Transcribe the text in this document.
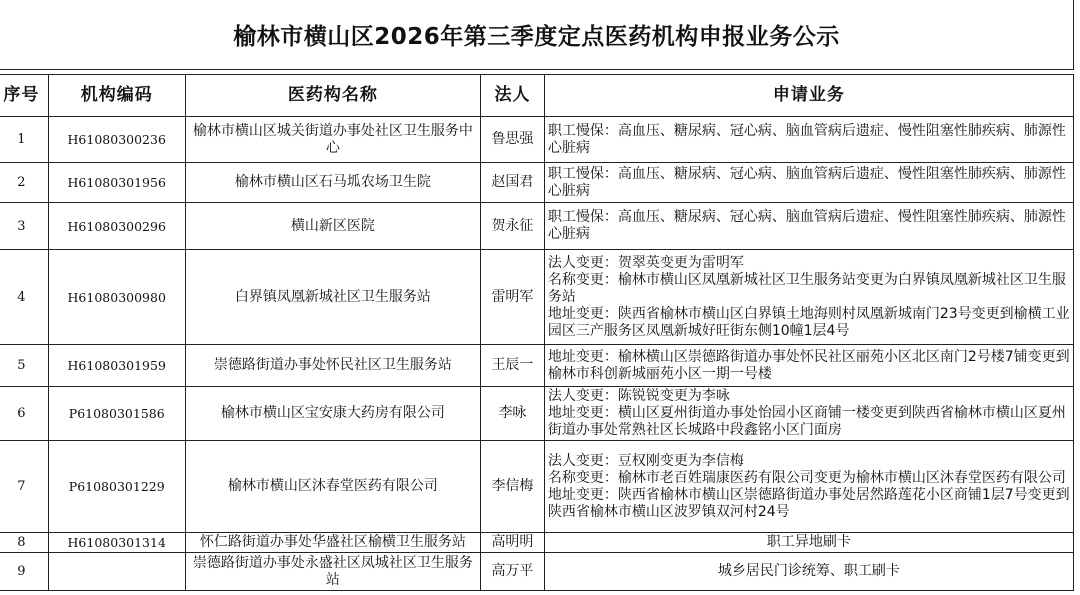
榆林市横山区2026年第三季度定点医药机构申报业务公示
序号	机构编码	医药构名称	法人	申请业务
1	H61080300236	榆林市横山区城关街道办事处社区卫生服务中心	鲁思强	职工慢保：高血压、糖尿病、冠心病、脑血管病后遗症、慢性阻塞性肺疾病、肺源性心脏病
2	H61080301956	榆林市横山区石马坬农场卫生院	赵国君	职工慢保：高血压、糖尿病、冠心病、脑血管病后遗症、慢性阻塞性肺疾病、肺源性心脏病
3	H61080300296	横山新区医院	贺永征	职工慢保：高血压、糖尿病、冠心病、脑血管病后遗症、慢性阻塞性肺疾病、肺源性心脏病
4	H61080300980	白界镇凤凰新城社区卫生服务站	雷明军	法人变更：贺翠英变更为雷明军
名称变更：榆林市横山区凤凰新城社区卫生服务站变更为白界镇凤凰新城社区卫生服务站
地址变更：陕西省榆林市横山区白界镇土地海则村凤凰新城南门23号变更到榆横工业园区三产服务区凤凰新城好旺街东侧10幢1层4号

5	H61080301959	崇德路街道办事处怀民社区卫生服务站	王辰一	地址变更：榆林横山区崇德路街道办事处怀民社区丽苑小区北区南门2号楼7铺变更到榆林市科创新城丽苑小区一期一号楼
6	P61080301586	榆林市横山区宝安康大药房有限公司	李咏	法人变更：陈锐锐变更为李咏
地址变更：横山区夏州街道办事处怡园小区商铺一楼变更到陕西省榆林市横山区夏州街道办事处常熟社区长城路中段鑫铭小区门面房

7	P61080301229	榆林市横山区沐春堂医药有限公司	李信梅	法人变更：豆权刚变更为李信梅
名称变更：榆林市老百姓瑞康医药有限公司变更为榆林市横山区沐春堂医药有限公司
地址变更：陕西省榆林市横山区崇德路街道办事处居然路莲花小区商铺1层7号变更到陕西省榆林市横山区波罗镇双河村24号

8	H61080301314	怀仁路街道办事处华盛社区榆横卫生服务站	高明明	职工异地刷卡
9		崇德路街道办事处永盛社区凤城社区卫生服务站	高万平	城乡居民门诊统筹、职工刷卡
